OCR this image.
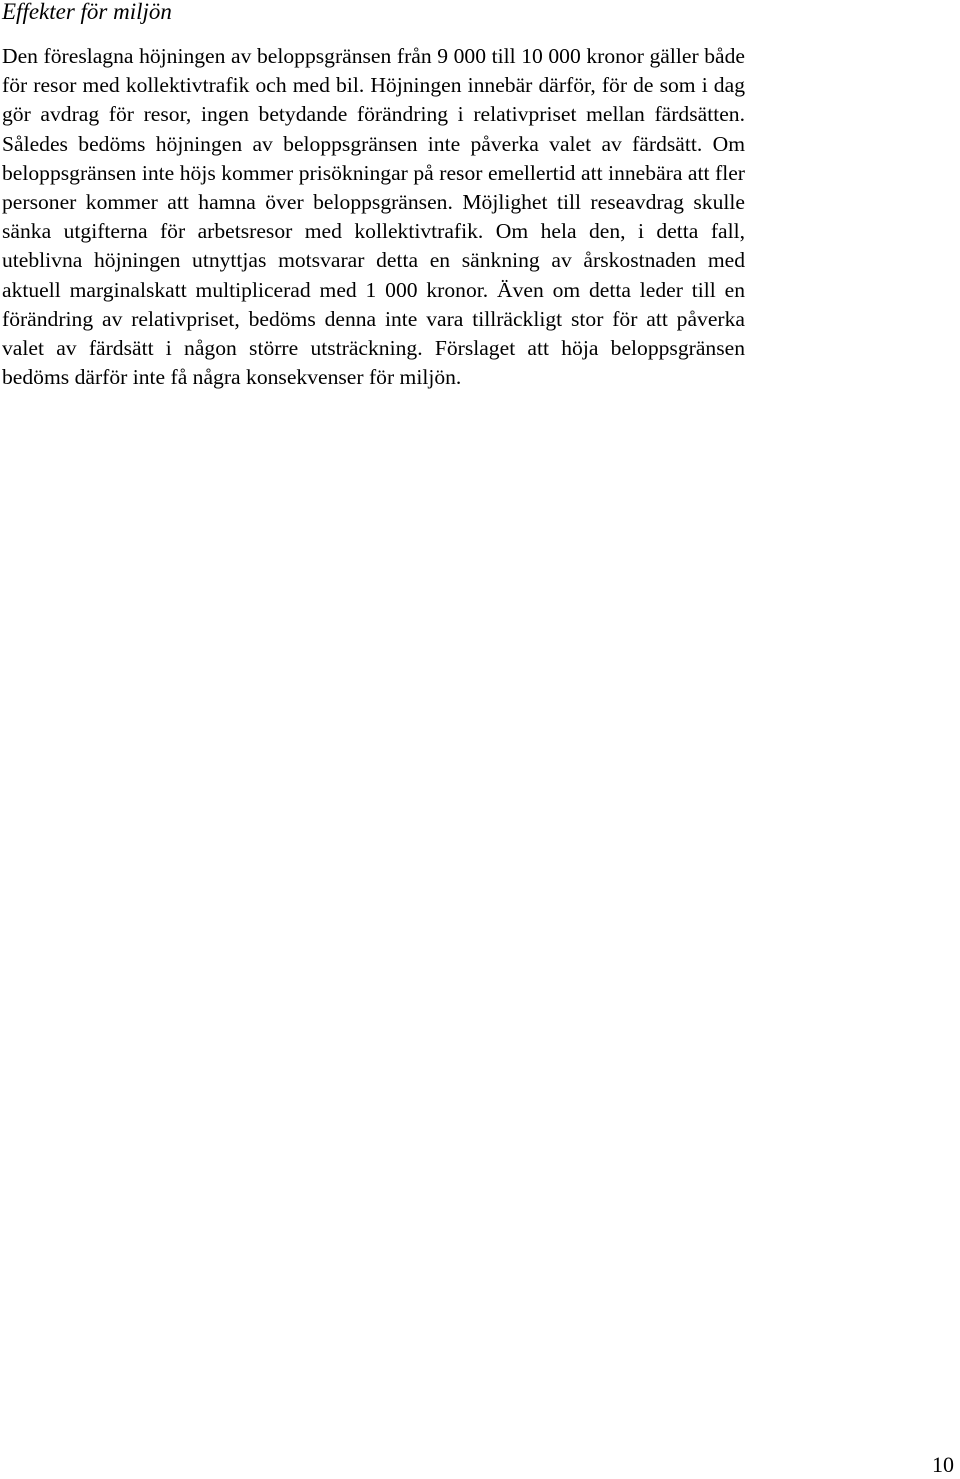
Effekter för miljön

Den föreslagna höjningen av beloppsgränsen från 9 000 till 10 000 kronor gäller både för resor med kollektivtrafik och med bil. Höjningen innebär därför, för de som i dag gör avdrag för resor, ingen betydande förändring i relativpriset mellan färdsätten. Således bedöms höjningen av beloppsgränsen inte påverka valet av färdsätt. Om beloppsgränsen inte höjs kommer prisökningar på resor emellertid att innebära att fler personer kommer att hamna över beloppsgränsen. Möjlighet till reseavdrag skulle sänka utgifterna för arbetsresor med kollektivtrafik. Om hela den, i detta fall, uteblivna höjningen utnyttjas motsvarar detta en sänkning av årskostnaden med aktuell marginalskatt multiplicerad med 1 000 kronor. Även om detta leder till en förändring av relativpriset, bedöms denna inte vara tillräckligt stor för att påverka valet av färdsätt i någon större utsträckning. Förslaget att höja beloppsgränsen bedöms därför inte få några konsekvenser för miljön.

10
